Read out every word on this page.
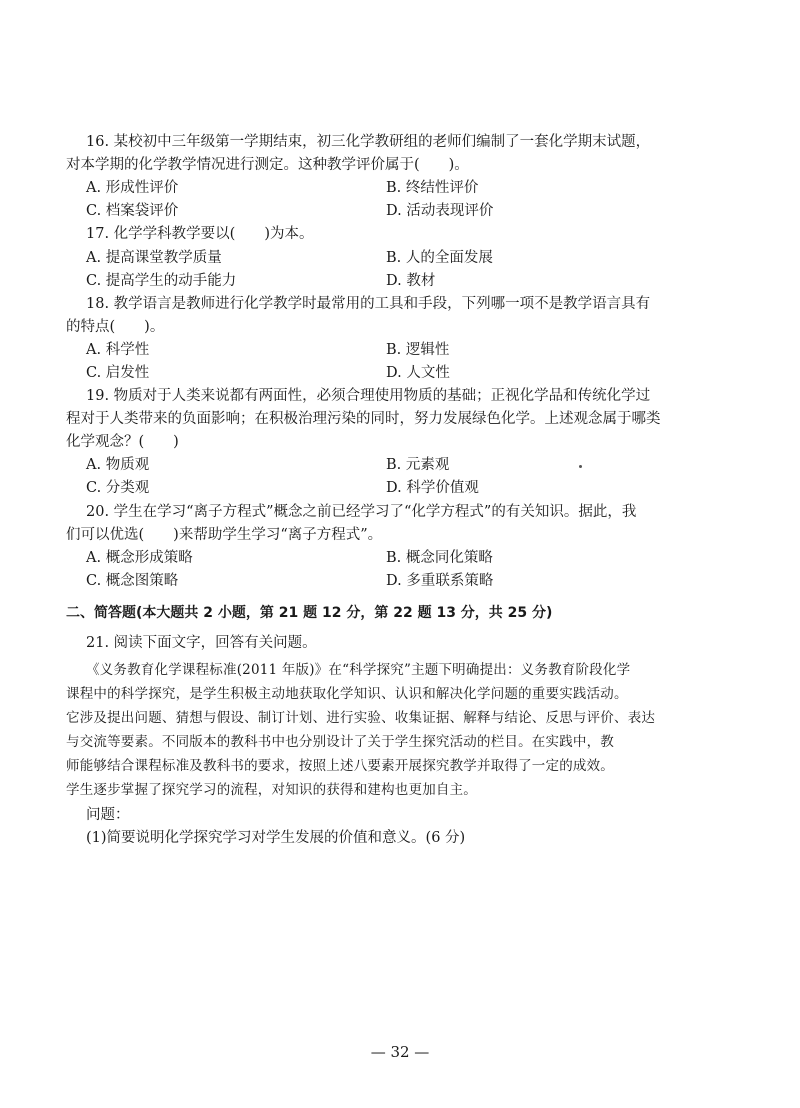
16. 某校初中三年级第一学期结束，初三化学教研组的老师们编制了一套化学期末试题，
对本学期的化学教学情况进行测定。这种教学评价属于(　　)。
A. 形成性评价	B. 终结性评价
C. 档案袋评价	D. 活动表现评价
17. 化学学科教学要以(　　)为本。
A. 提高课堂教学质量	B. 人的全面发展
C. 提高学生的动手能力	D. 教材
18. 教学语言是教师进行化学教学时最常用的工具和手段，下列哪一项不是教学语言具有
的特点(　　)。
A. 科学性	B. 逻辑性
C. 启发性	D. 人文性
19. 物质对于人类来说都有两面性，必须合理使用物质的基础；正视化学品和传统化学过
程对于人类带来的负面影响；在积极治理污染的同时，努力发展绿色化学。上述观念属于哪类
化学观念？(　　)
A. 物质观	B. 元素观
C. 分类观	D. 科学价值观
20. 学生在学习“离子方程式”概念之前已经学习了“化学方程式”的有关知识。据此，我
们可以优选(　　)来帮助学生学习“离子方程式”。
A. 概念形成策略	B. 概念同化策略
C. 概念图策略	D. 多重联系策略
二、简答题(本大题共 2 小题，第 21 题 12 分，第 22 题 13 分，共 25 分)
21. 阅读下面文字，回答有关问题。
《义务教育化学课程标准(2011 年版)》在“科学探究”主题下明确提出：义务教育阶段化学
课程中的科学探究，是学生积极主动地获取化学知识、认识和解决化学问题的重要实践活动。
它涉及提出问题、猜想与假设、制订计划、进行实验、收集证据、解释与结论、反思与评价、表达
与交流等要素。不同版本的教科书中也分别设计了关于学生探究活动的栏目。在实践中，教
师能够结合课程标准及教科书的要求，按照上述八要素开展探究教学并取得了一定的成效。
学生逐步掌握了探究学习的流程，对知识的获得和建构也更加自主。
问题：
(1)简要说明化学探究学习对学生发展的价值和意义。(6 分)
— 32 —
